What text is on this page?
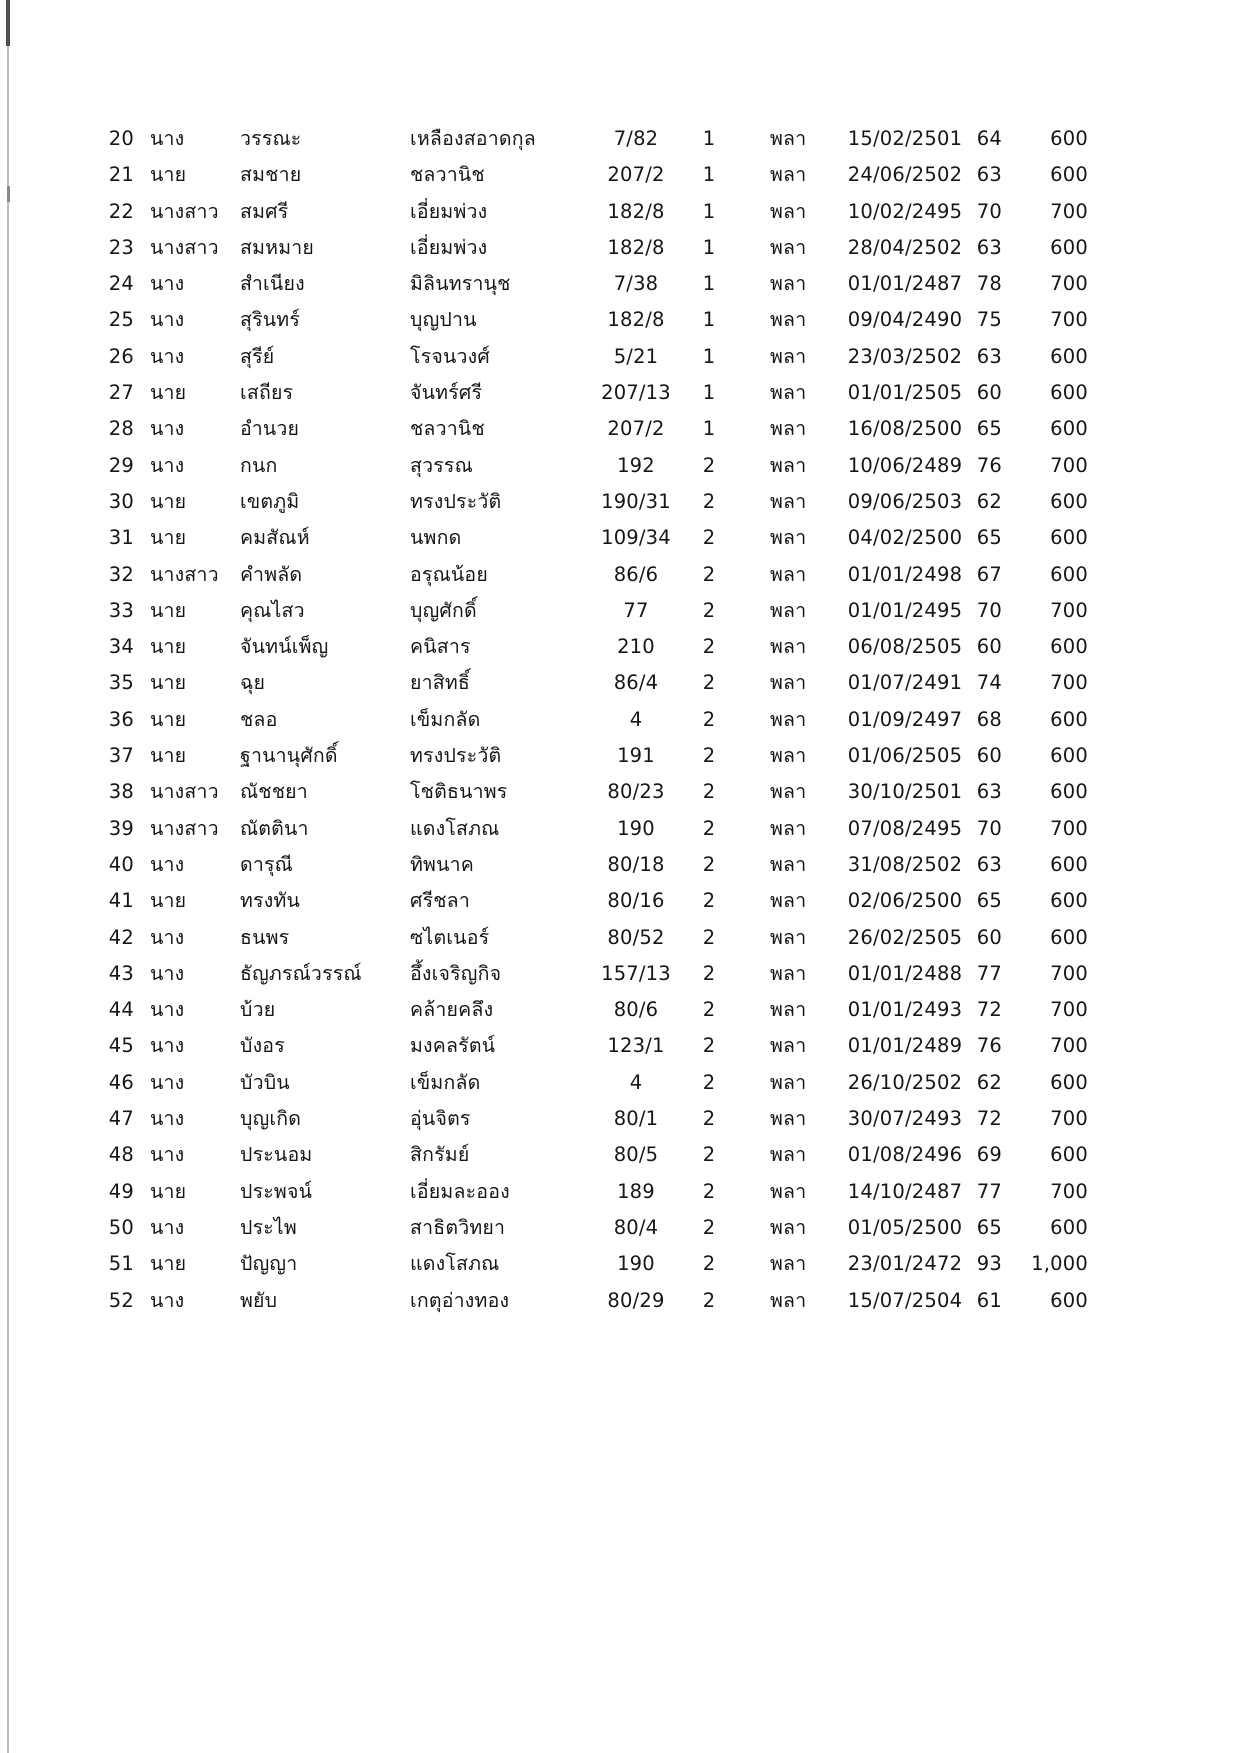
20 นาง	วรรณะ	เหลืองสอาดกุล	7/82	1	พลา	15/02/2501 64	600
21 นาย	สมชาย	ชลวานิช	207/2	1	พลา	24/06/2502 63	600
22 นางสาว	สมศรี	เอี่ยมพ่วง	182/8	1	พลา	10/02/2495 70	700
23 นางสาว	สมหมาย	เอี่ยมพ่วง	182/8	1	พลา	28/04/2502 63	600
24 นาง	สำเนียง	มิลินทรานุช	7/38	1	พลา	01/01/2487 78	700
25 นาง	สุรินทร์	บุญปาน	182/8	1	พลา	09/04/2490 75	700
26 นาง	สุรีย์	โรจนวงศ์	5/21	1	พลา	23/03/2502 63	600
27 นาย	เสถียร	จันทร์ศรี	207/13	1	พลา	01/01/2505 60	600
28 นาง	อำนวย	ชลวานิช	207/2	1	พลา	16/08/2500 65	600
29 นาง	กนก	สุวรรณ	192	2	พลา	10/06/2489 76	700
30 นาย	เขตภูมิ	ทรงประวัติ	190/31	2	พลา	09/06/2503 62	600
31 นาย	คมสัณห์	นพกด	109/34	2	พลา	04/02/2500 65	600
32 นางสาว	คำพลัด	อรุณน้อย	86/6	2	พลา	01/01/2498 67	600
33 นาย	คุณไสว	บุญศักดิ์	77	2	พลา	01/01/2495 70	700
34 นาย	จันทน์เพ็ญ	คนิสาร	210	2	พลา	06/08/2505 60	600
35 นาย	ฉุย	ยาสิทธิ์	86/4	2	พลา	01/07/2491 74	700
36 นาย	ชลอ	เข็มกลัด	4	2	พลา	01/09/2497 68	600
37 นาย	ฐานานุศักดิ์	ทรงประวัติ	191	2	พลา	01/06/2505 60	600
38 นางสาว	ณัชชยา	โชติธนาพร	80/23	2	พลา	30/10/2501 63	600
39 นางสาว	ณัตตินา	แดงโสภณ	190	2	พลา	07/08/2495 70	700
40 นาง	ดารุณี	ทิพนาค	80/18	2	พลา	31/08/2502 63	600
41 นาย	ทรงทัน	ศรีชลา	80/16	2	พลา	02/06/2500 65	600
42 นาง	ธนพร	ซไตเนอร์	80/52	2	พลา	26/02/2505 60	600
43 นาง	ธัญภรณ์วรรณ์	อึ้งเจริญกิจ	157/13	2	พลา	01/01/2488 77	700
44 นาง	บ้วย	คล้ายคลึง	80/6	2	พลา	01/01/2493 72	700
45 นาง	บังอร	มงคลรัตน์	123/1	2	พลา	01/01/2489 76	700
46 นาง	บัวบิน	เข็มกลัด	4	2	พลา	26/10/2502 62	600
47 นาง	บุญเกิด	อุ่นจิตร	80/1	2	พลา	30/07/2493 72	700
48 นาง	ประนอม	สิกรัมย์	80/5	2	พลา	01/08/2496 69	600
49 นาย	ประพจน์	เอี่ยมละออง	189	2	พลา	14/10/2487 77	700
50 นาง	ประไพ	สาธิตวิทยา	80/4	2	พลา	01/05/2500 65	600
51 นาย	ปัญญา	แดงโสภณ	190	2	พลา	23/01/2472 93	1,000
52 นาง	พยับ	เกตุอ่างทอง	80/29	2	พลา	15/07/2504 61	600
